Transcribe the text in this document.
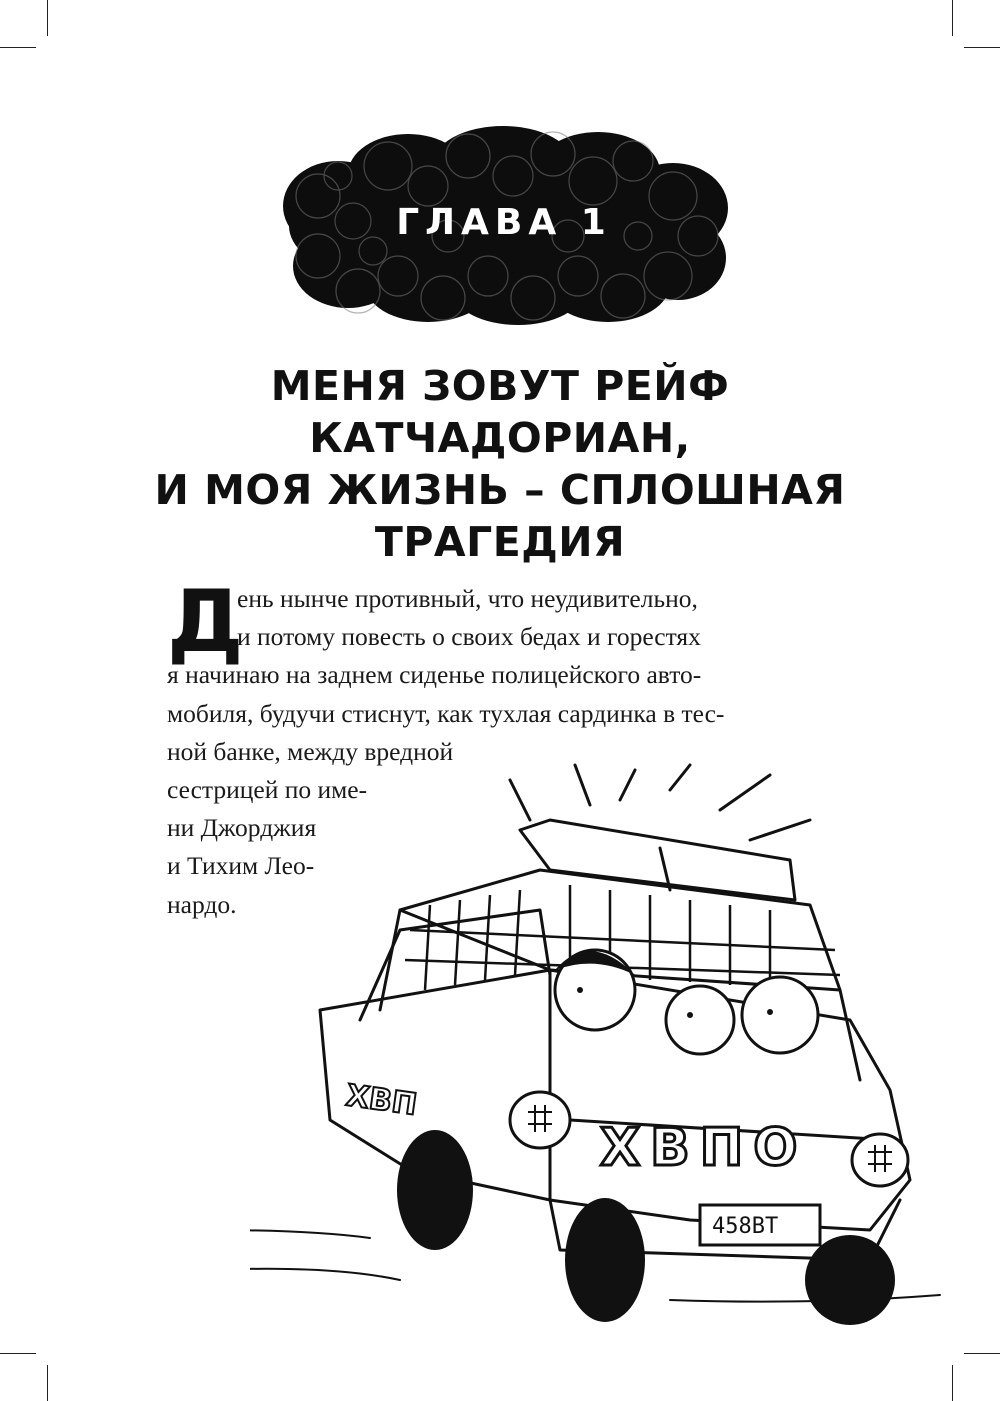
ГЛАВА 1
МЕНЯ ЗОВУТ РЕЙФ
КАТЧАДОРИАН,
И МОЯ ЖИЗНЬ – СПЛОШНАЯ
ТРАГЕДИЯ
Д
ень нынче противный, что неудивительно,
и потому повесть о своих бедах и горестях
я начинаю на заднем сиденье полицейского авто-
мобиля, будучи стиснут, как тухлая сардинка в тес-
ной банке, между вредной
сестрицей по име-
ни Джорджия
и Тихим Лео-
нардо.
ХВП
ХВПО
458ВТ
